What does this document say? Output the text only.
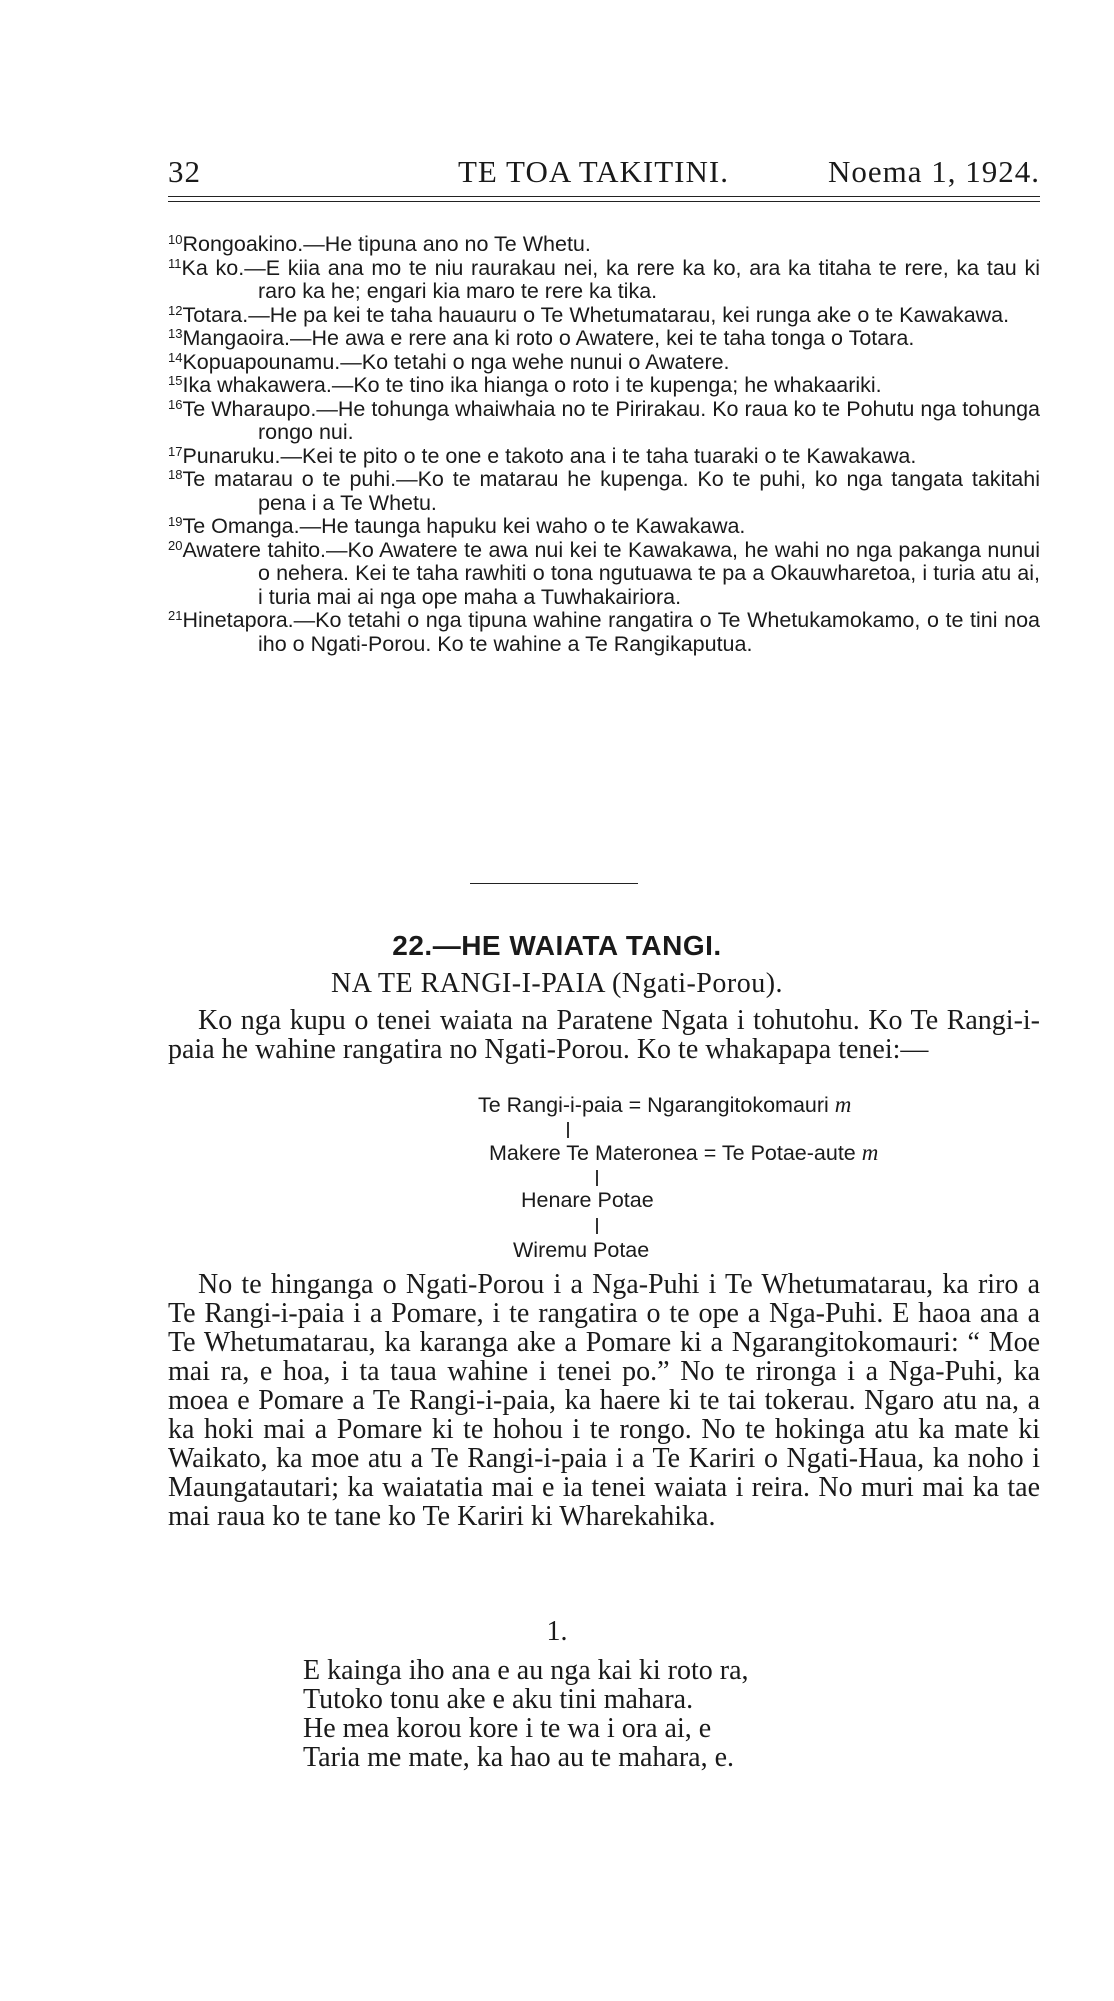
32	TE TOA TAKITINI.	Noema 1, 1924.

$^{10}$Rongoakino.—He tipuna ano no Te Whetu.

$^{11}$Ka ko.—E kiia ana mo te niu raurakau nei, ka rere ka ko, ara ka titaha te rere, ka tau ki raro ka he; engari kia maro te rere ka tika.

$^{12}$Totara.—He pa kei te taha hauauru o Te Whetumatarau, kei runga ake o te Kawakawa.

$^{13}$Mangaoira.—He awa e rere ana ki roto o Awatere, kei te taha tonga o Totara.

$^{14}$Kopuapounamu.—Ko tetahi o nga wehe nunui o Awatere.

$^{15}$Ika whakawera.—Ko te tino ika hianga o roto i te kupenga; he whakaariki.

$^{16}$Te Wharaupo.—He tohunga whaiwhaia no te Pirirakau. Ko raua ko te Pohutu nga tohunga rongo nui.

$^{17}$Punaruku.—Kei te pito o te one e takoto ana i te taha tuaraki o te Kawakawa.

$^{18}$Te matarau o te puhi.—Ko te matarau he kupenga. Ko te puhi, ko nga tangata takitahi pena i a Te Whetu.

$^{19}$Te Omanga.—He taunga hapuku kei waho o te Kawakawa.

$^{20}$Awatere tahito.—Ko Awatere te awa nui kei te Kawakawa, he wahi no nga pakanga nunui o nehera. Kei te taha rawhiti o tona ngutuawa te pa a Okauwharetoa, i turia atu ai, i turia mai ai nga ope maha a Tuwhakairiora.

$^{21}$Hinetapora.—Ko tetahi o nga tipuna wahine rangatira o Te Whetukamokamo, o te tini noa iho o Ngati-Porou. Ko te wahine a Te Rangikaputua.

22.—HE WAIATA TANGI.
NA TE RANGI-I-PAIA (Ngati-Porou).

Ko nga kupu o tenei waiata na Paratene Ngata i tohutohu. Ko Te Rangi-i-paia he wahine rangatira no Ngati-Porou. Ko te whakapapa tenei:—

Te Rangi-i-paia = Ngarangitokomauri m
Makere Te Materonea = Te Potae-aute m
Henare Potae
Wiremu Potae

No te hinganga o Ngati-Porou i a Nga-Puhi i Te Whetumatarau, ka riro a Te Rangi-i-paia i a Pomare, i te rangatira o te ope a Nga-Puhi. E haoa ana a Te Whetumatarau, ka karanga ake a Pomare ki a Ngarangitokomauri: “ Moe mai ra, e hoa, i ta taua wahine i tenei po.” No te rironga i a Nga-Puhi, ka moea e Pomare a Te Rangi-i-paia, ka haere ki te tai tokerau. Ngaro atu na, a ka hoki mai a Pomare ki te hohou i te rongo. No te hokinga atu ka mate ki Waikato, ka moe atu a Te Rangi-i-paia i a Te Kariri o Ngati-Haua, ka noho i Maungatautari; ka waiatatia mai e ia tenei waiata i reira. No muri mai ka tae mai raua ko te tane ko Te Kariri ki Wharekahika.

1.

E kainga iho ana e au nga kai ki roto ra,

Tutoko tonu ake e aku tini mahara.

He mea korou kore i te wa i ora ai, e

Taria me mate, ka hao au te mahara, e.
